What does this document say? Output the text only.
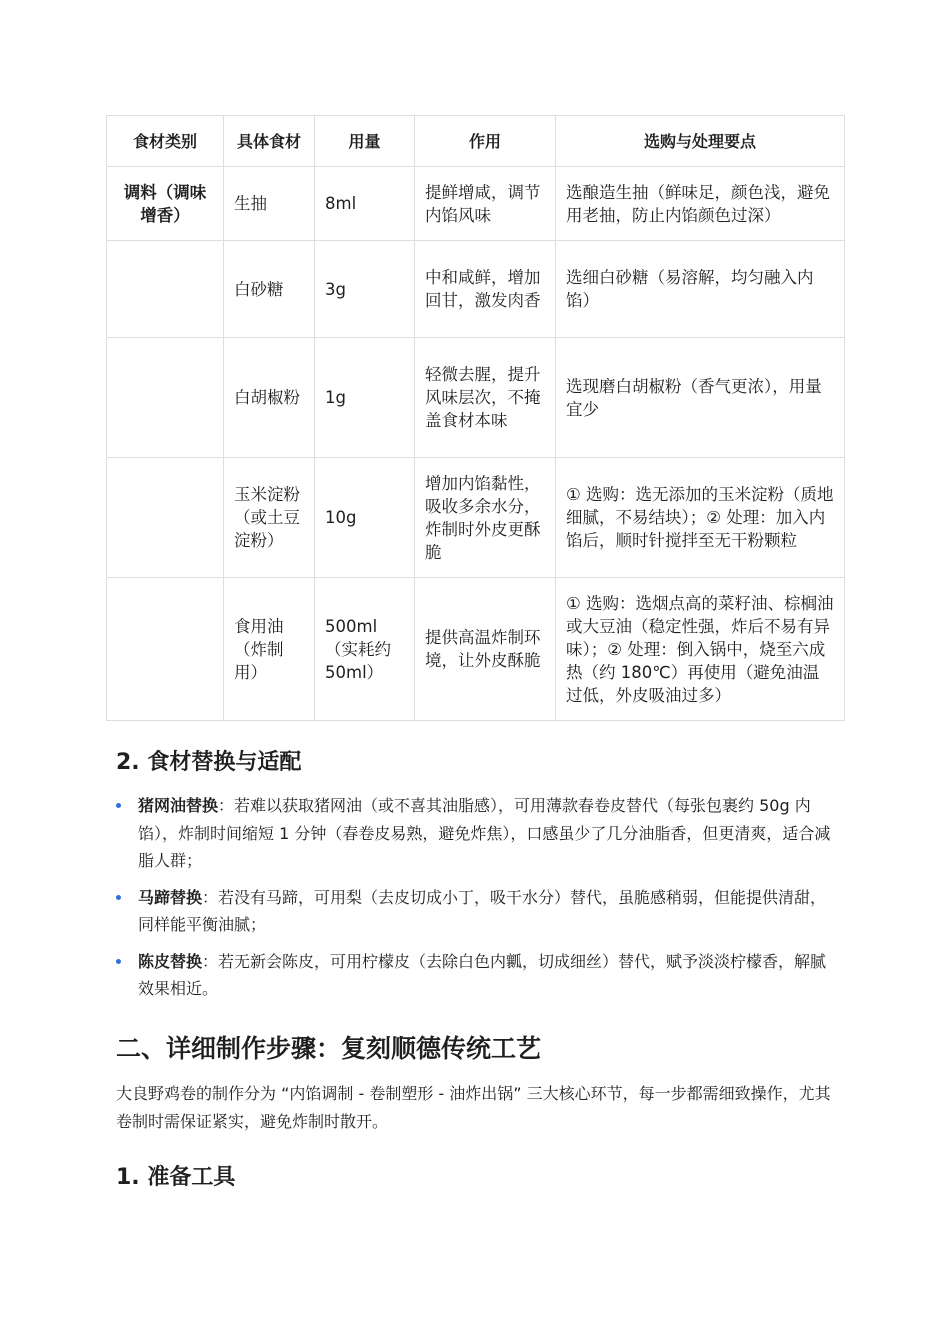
食材类别	具体食材	用量	作用	选购与处理要点
调料（调味增香）	生抽	8ml	提鲜增咸，调节内馅风味	选酿造生抽（鲜味足，颜色浅，避免用老抽，防止内馅颜色过深）
	白砂糖	3g	中和咸鲜，增加回甘，激发肉香	选细白砂糖（易溶解，均匀融入内馅）
	白胡椒粉	1g	轻微去腥，提升风味层次，不掩盖食材本味	选现磨白胡椒粉（香气更浓），用量宜少
	玉米淀粉（或土豆淀粉）	10g	增加内馅黏性，吸收多余水分，炸制时外皮更酥脆	① 选购：选无添加的玉米淀粉（质地细腻，不易结块）；② 处理：加入内馅后，顺时针搅拌至无干粉颗粒
	食用油（炸制用）	500ml（实耗约 50ml）	提供高温炸制环境，让外皮酥脆	① 选购：选烟点高的菜籽油、棕榈油或大豆油（稳定性强，炸后不易有异味）；② 处理：倒入锅中，烧至六成热（约 180℃）再使用（避免油温过低，外皮吸油过多）
2. 食材替换与适配
猪网油替换：若难以获取猪网油（或不喜其油脂感），可用薄款春卷皮替代（每张包裹约 50g 内馅），炸制时间缩短 1 分钟（春卷皮易熟，避免炸焦），口感虽少了几分油脂香，但更清爽，适合减脂人群；
马蹄替换：若没有马蹄，可用梨（去皮切成小丁，吸干水分）替代，虽脆感稍弱，但能提供清甜，同样能平衡油腻；
陈皮替换：若无新会陈皮，可用柠檬皮（去除白色内瓤，切成细丝）替代，赋予淡淡柠檬香，解腻效果相近。
二、详细制作步骤：复刻顺德传统工艺

大良野鸡卷的制作分为 “内馅调制 - 卷制塑形 - 油炸出锅” 三大核心环节，每一步都需细致操作，尤其卷制时需保证紧实，避免炸制时散开。

1. 准备工具
